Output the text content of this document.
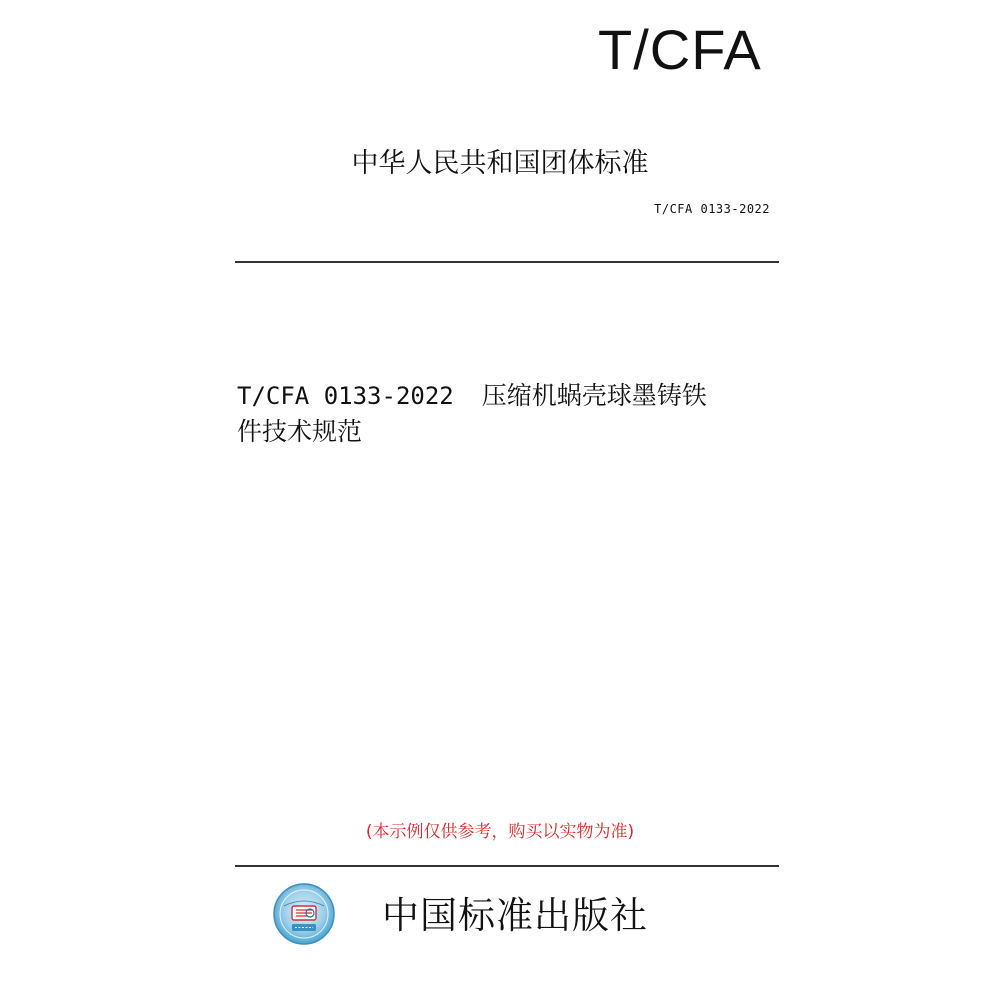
T/CFA
中华人民共和国团体标准
T/CFA 0133-2022
T/CFA 0133-2022 压缩机蜗壳球墨铸铁
件技术规范
(本示例仅供参考，购买以实物为准)
中国标准出版社
